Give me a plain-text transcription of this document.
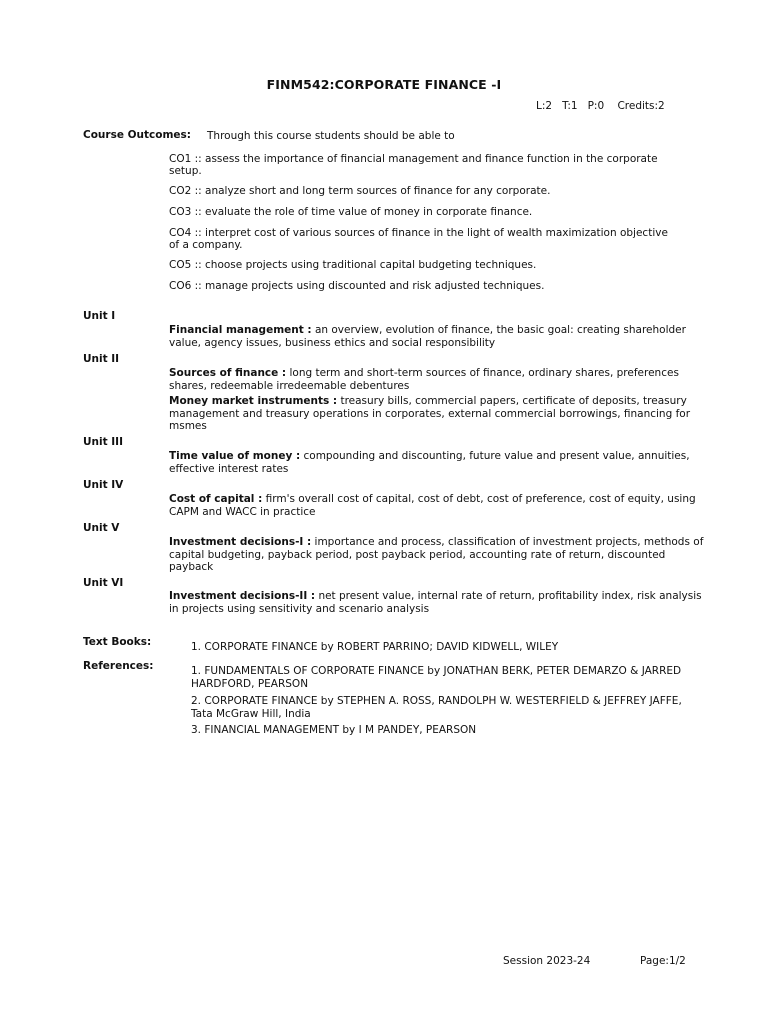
FINM542:CORPORATE FINANCE -I
L:2   T:1   P:0    Credits:2
Course Outcomes: Through this course students should be able to
CO1 :: assess the importance of financial management and finance function in the corporate setup.
CO2 :: analyze short and long term sources of finance for any corporate.
CO3 :: evaluate the role of time value of money in corporate finance.
CO4 :: interpret cost of various sources of finance in the light of wealth maximization objective of a company.
CO5 :: choose projects using traditional capital budgeting techniques.
CO6 :: manage projects using discounted and risk adjusted techniques.
Unit I
Financial management : an overview, evolution of finance, the basic goal: creating shareholder value, agency issues, business ethics and social responsibility
Unit II
Sources of finance : long term and short-term sources of finance, ordinary shares, preferences shares, redeemable irredeemable debentures
Money market instruments : treasury bills, commercial papers, certificate of deposits, treasury management and treasury operations in corporates, external commercial borrowings, financing for msmes
Unit III
Time value of money : compounding and discounting, future value and present value, annuities, effective interest rates
Unit IV
Cost of capital : firm's overall cost of capital, cost of debt, cost of preference, cost of equity, using CAPM and WACC in practice
Unit V
Investment decisions-I : importance and process, classification of investment projects, methods of capital budgeting, payback period, post payback period, accounting rate of return, discounted payback
Unit VI
Investment decisions-II : net present value, internal rate of return, profitability index, risk analysis in projects using sensitivity and scenario analysis
Text Books:	1. CORPORATE FINANCE by ROBERT PARRINO; DAVID KIDWELL, WILEY
References:	1. FUNDAMENTALS OF CORPORATE FINANCE by JONATHAN BERK, PETER DEMARZO & JARRED HARDFORD, PEARSON
2. CORPORATE FINANCE by STEPHEN A. ROSS, RANDOLPH W. WESTERFIELD & JEFFREY JAFFE, Tata McGraw Hill, India
3. FINANCIAL MANAGEMENT by I M PANDEY, PEARSON
Session 2023-24	Page:1/2
